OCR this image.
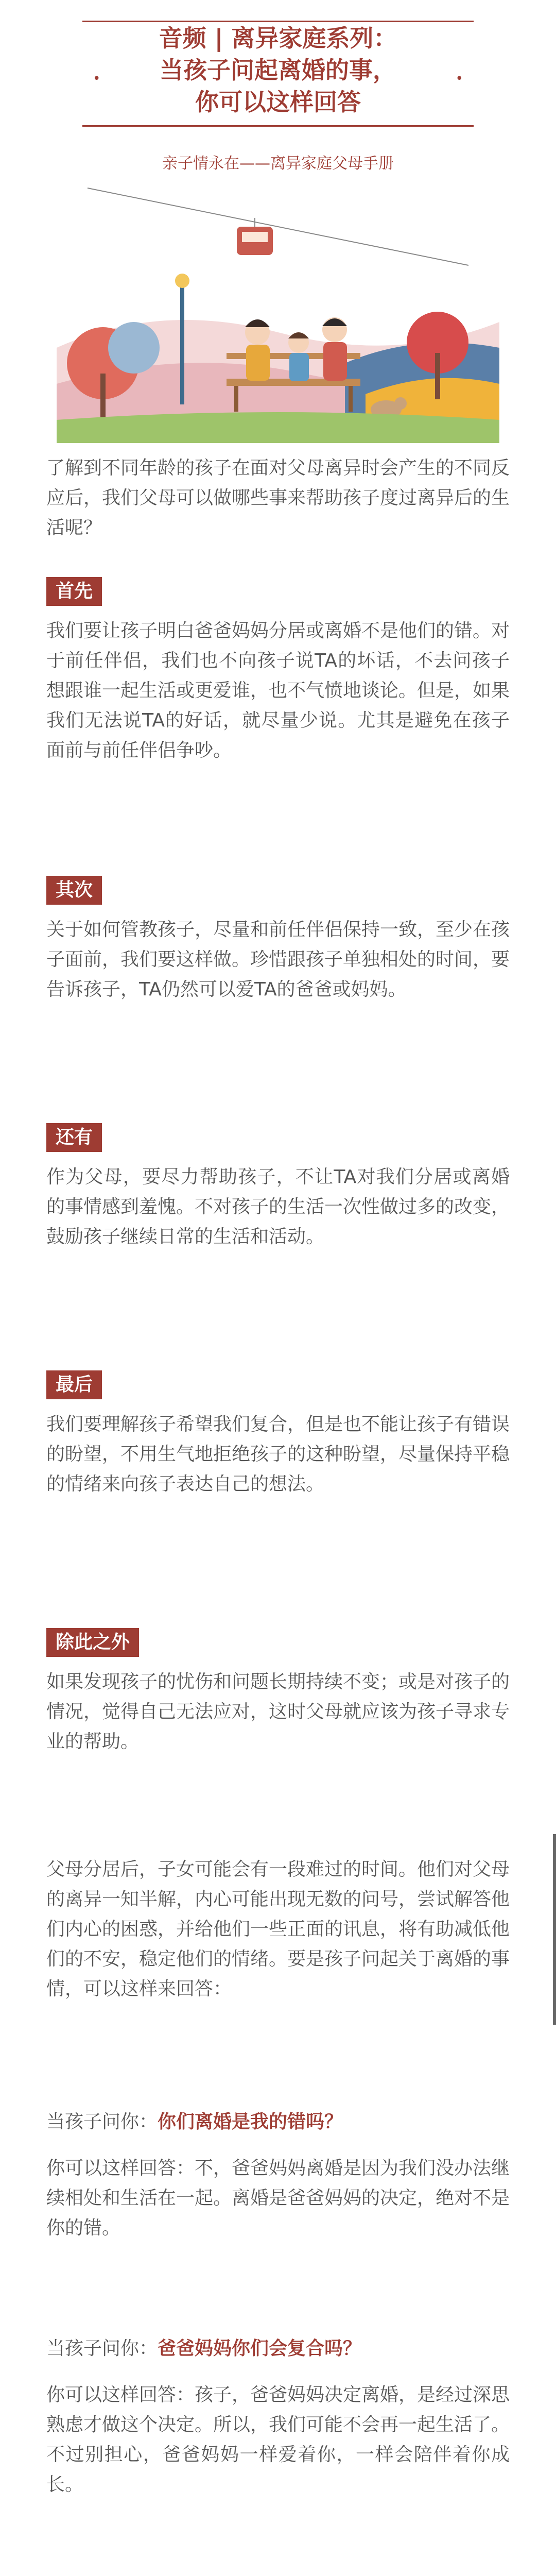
•	•
音频 | 离异家庭系列：
当孩子问起离婚的事，
你可以这样回答
亲子情永在——离异家庭父母手册

了解到不同年龄的孩子在面对父母离异时会产生的不同反应后，我们父母可以做哪些事来帮助孩子度过离异后的生活呢？

首先

我们要让孩子明白爸爸妈妈分居或离婚不是他们的错。对于前任伴侣，我们也不向孩子说TA的坏话，不去问孩子想跟谁一起生活或更爱谁，也不气愤地谈论。但是，如果我们无法说TA的好话，就尽量少说。尤其是避免在孩子面前与前任伴侣争吵。

其次

关于如何管教孩子，尽量和前任伴侣保持一致，至少在孩子面前，我们要这样做。珍惜跟孩子单独相处的时间，要告诉孩子，TA仍然可以爱TA的爸爸或妈妈。

还有

作为父母，要尽力帮助孩子，不让TA对我们分居或离婚的事情感到羞愧。不对孩子的生活一次性做过多的改变，鼓励孩子继续日常的生活和活动。

最后

我们要理解孩子希望我们复合，但是也不能让孩子有错误的盼望，不用生气地拒绝孩子的这种盼望，尽量保持平稳的情绪来向孩子表达自己的想法。

除此之外

如果发现孩子的忧伤和问题长期持续不变；或是对孩子的情况，觉得自己无法应对，这时父母就应该为孩子寻求专业的帮助。

父母分居后，子女可能会有一段难过的时间。他们对父母的离异一知半解，内心可能出现无数的问号，尝试解答他们内心的困惑，并给他们一些正面的讯息，将有助减低他们的不安，稳定他们的情绪。要是孩子问起关于离婚的事情，可以这样来回答：

当孩子问你：你们离婚是我的错吗？

你可以这样回答：不，爸爸妈妈离婚是因为我们没办法继续相处和生活在一起。离婚是爸爸妈妈的决定，绝对不是你的错。

当孩子问你：爸爸妈妈你们会复合吗？

你可以这样回答：孩子，爸爸妈妈决定离婚，是经过深思熟虑才做这个决定。所以，我们可能不会再一起生活了。不过别担心，爸爸妈妈一样爱着你，一样会陪伴着你成长。
